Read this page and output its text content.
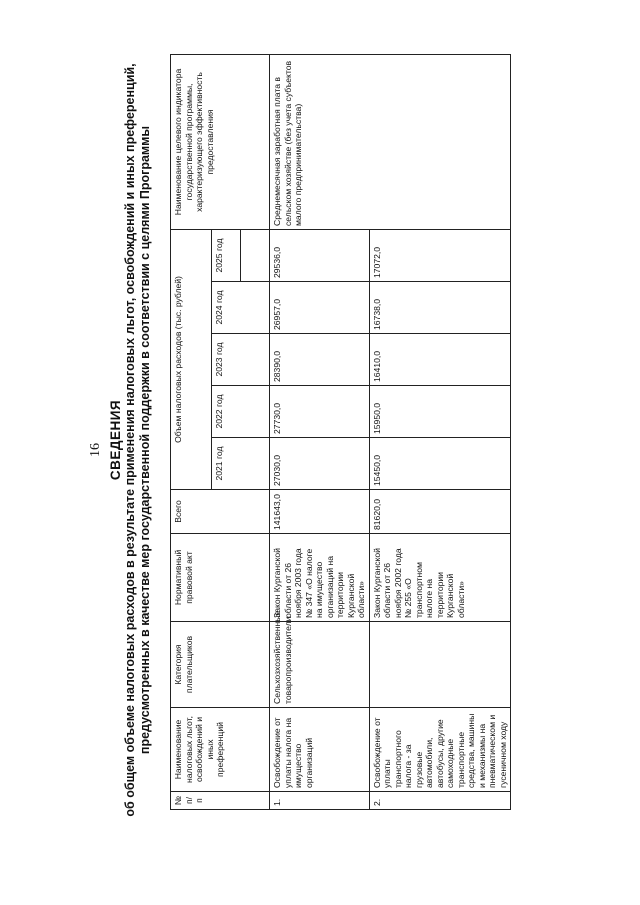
16 СВЕДЕНИЯ об общем объеме налоговых расходов в результате применения налоговых льгот, освобождений и иных преференций, предусмотренных в качестве мер государственной поддержки в соответствии с целями Программы
№ п/п	Наименование налоговых льгот, освобождений и иных преференций	Категория плательщиков	Нормативный правовой акт	Всего	Объем налоговых расходов (тыс. рублей)					Наименование целевого индикатора государственной программы, характеризующего эффективность предоставления
					2021 год	2022 год	2023 год	2024 год	2025 год	

1.	Освобождение от уплаты налога на имущество организаций	Сельхозхозяйственные товаропроизводители	Закон Курганской области от 26 ноября 2003 года № 347 «О налоге на имущество организаций на территории Курганской области»	141643,0	27030,0	27730,0	28390,0	26957,0	29536,0	Среднемесячная заработная плата в сельском хозяйстве (без учета субъектов малого предпринимательства)
2.	Освобождение от уплаты транспортного налога - за грузовые автомобили, автобусы, другие самоходные транспортные средства, машины и механизмы на пневматическом и гусеничном ходу		Закон Курганской области от 26 ноября 2002 года № 255 «О транспортном налоге на территории Курганской области»	81620,0	15450,0	15950,0	16410,0	16738,0	17072,0	
